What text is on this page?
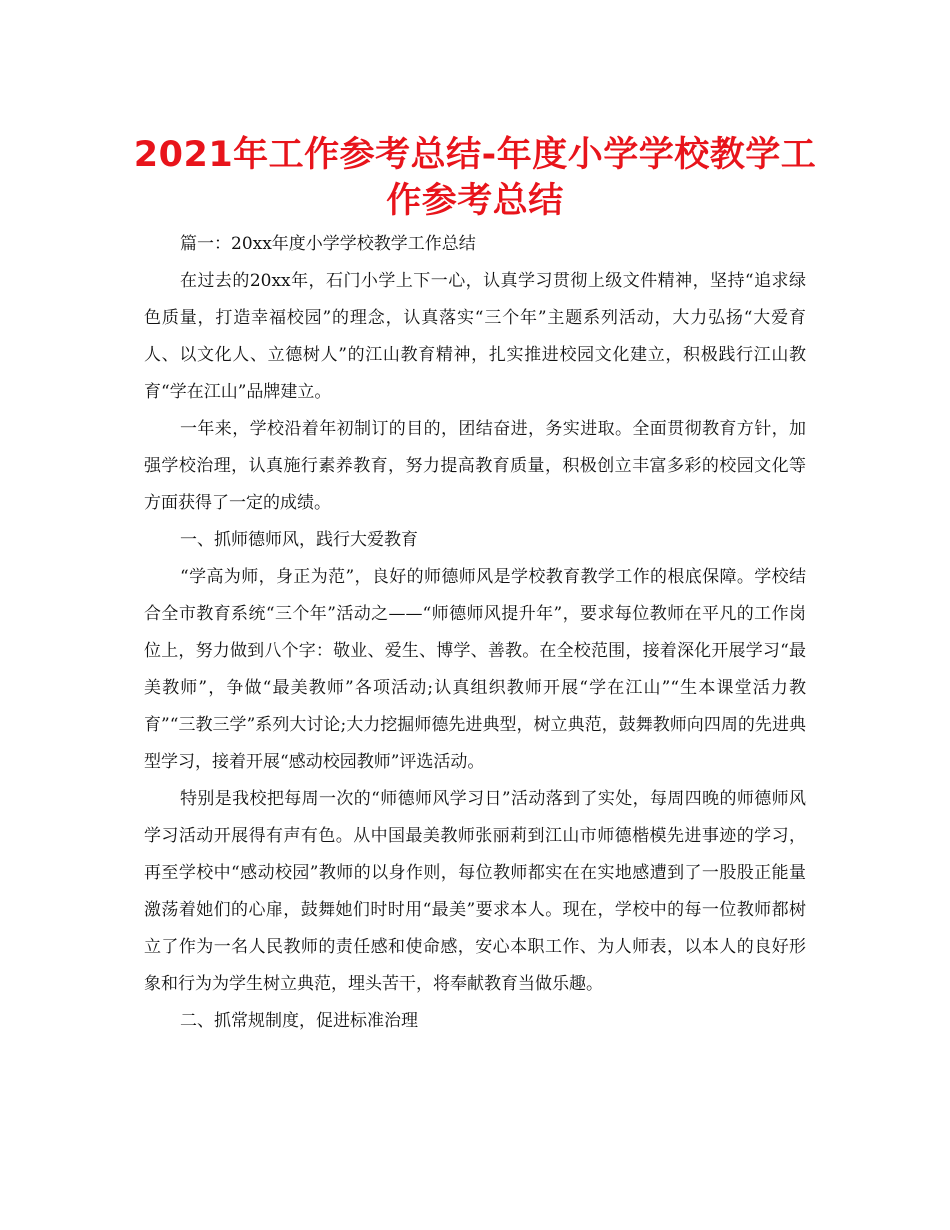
2021年工作参考总结-年度小学学校教学工作参考总结

篇一：20xx年度小学学校教学工作总结

在过去的20xx年，石门小学上下一心，认真学习贯彻上级文件精神，坚持“追求绿色质量，打造幸福校园”的理念，认真落实“三个年”主题系列活动，大力弘扬“大爱育人、以文化人、立德树人”的江山教育精神，扎实推进校园文化建立，积极践行江山教育“学在江山”品牌建立。

一年来，学校沿着年初制订的目的，团结奋进，务实进取。全面贯彻教育方针，加强学校治理，认真施行素养教育，努力提高教育质量，积极创立丰富多彩的校园文化等方面获得了一定的成绩。

一、抓师德师风，践行大爱教育

“学高为师，身正为范”，良好的师德师风是学校教育教学工作的根底保障。学校结合全市教育系统“三个年”活动之——“师德师风提升年”，要求每位教师在平凡的工作岗位上，努力做到八个字：敬业、爱生、博学、善教。在全校范围，接着深化开展学习“最美教师”，争做“最美教师”各项活动;认真组织教师开展“学在江山”“生本课堂活力教育”“三教三学”系列大讨论;大力挖掘师德先进典型，树立典范，鼓舞教师向四周的先进典型学习，接着开展“感动校园教师”评选活动。

特别是我校把每周一次的“师德师风学习日”活动落到了实处，每周四晚的师德师风学习活动开展得有声有色。从中国最美教师张丽莉到江山市师德楷模先进事迹的学习，再至学校中“感动校园”教师的以身作则，每位教师都实在在实地感遭到了一股股正能量激荡着她们的心扉，鼓舞她们时时用“最美”要求本人。现在，学校中的每一位教师都树立了作为一名人民教师的责任感和使命感，安心本职工作、为人师表，以本人的良好形象和行为为学生树立典范，埋头苦干，将奉献教育当做乐趣。

二、抓常规制度，促进标准治理
